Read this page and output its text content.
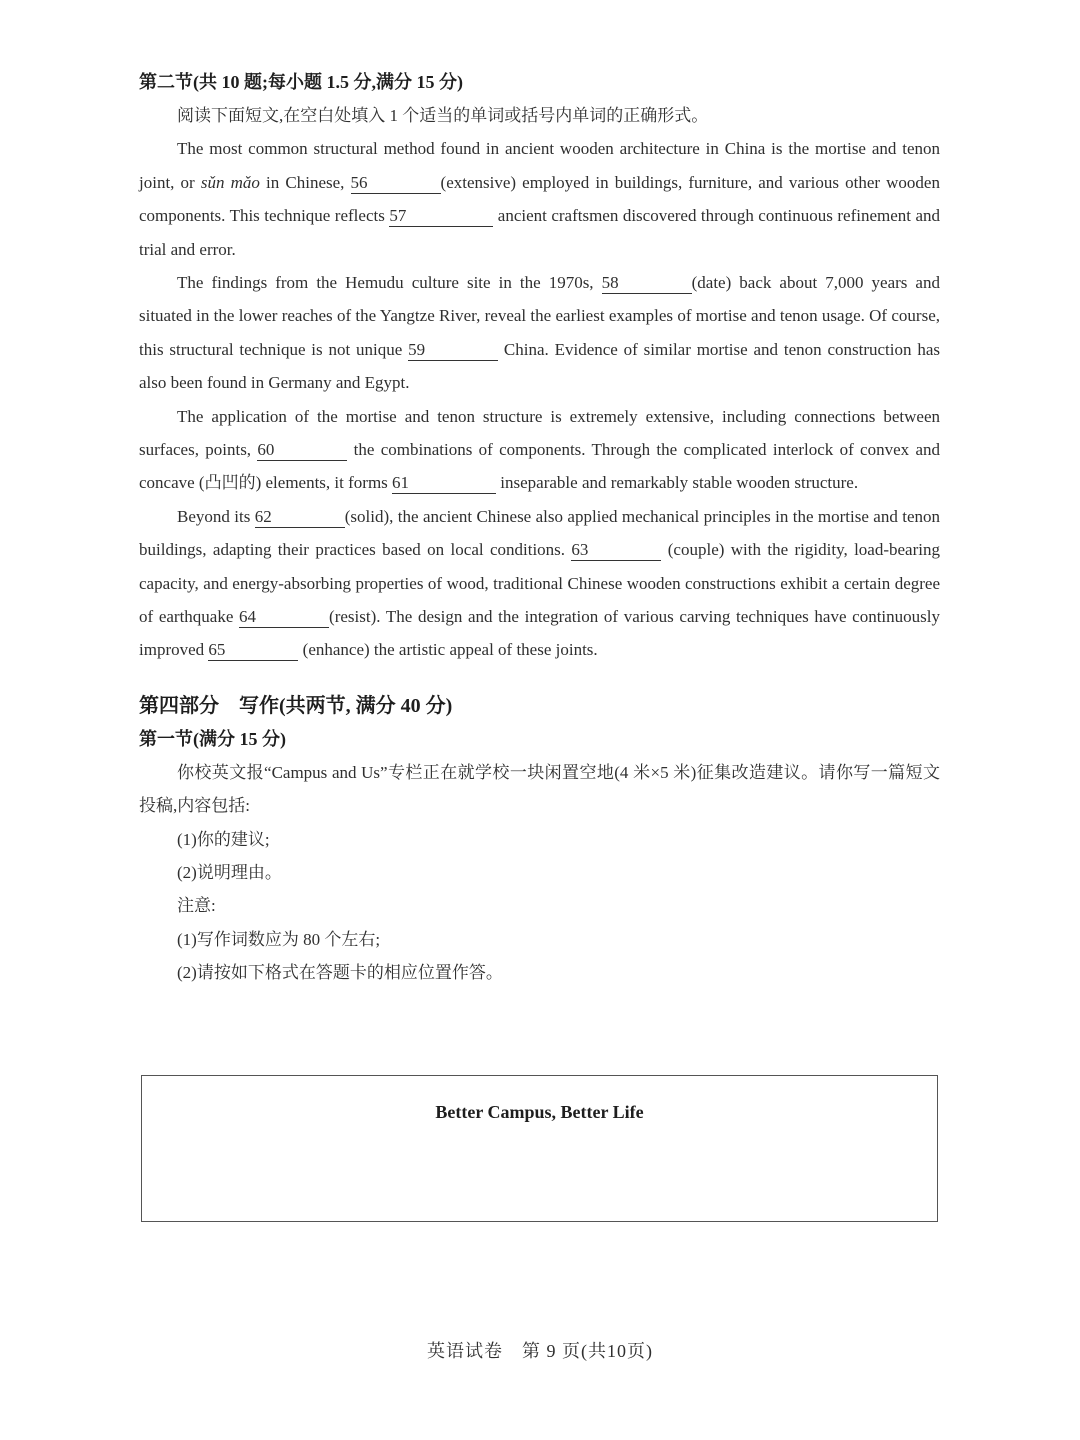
第二节(共 10 题;每小题 1.5 分,满分 15 分)
阅读下面短文,在空白处填入 1 个适当的单词或括号内单词的正确形式。

The most common structural method found in ancient wooden architecture in China is the mortise and tenon joint, or sǔn mǎo in Chinese, 56	(extensive) employed in buildings, furniture, and various other wooden components. This technique reflects 57	ancient craftsmen discovered through continuous refinement and trial and error.

The findings from the Hemudu culture site in the 1970s, 58	(date) back about 7,000 years and situated in the lower reaches of the Yangtze River, reveal the earliest examples of mortise and tenon usage. Of course, this structural technique is not unique 59	China. Evidence of similar mortise and tenon construction has also been found in Germany and Egypt.

The application of the mortise and tenon structure is extremely extensive, including connections between surfaces, points, 60	the combinations of components. Through the complicated interlock of convex and concave (凸凹的) elements, it forms 61	inseparable and remarkably stable wooden structure.

Beyond its 62	(solid), the ancient Chinese also applied mechanical principles in the mortise and tenon buildings, adapting their practices based on local conditions. 63	(couple) with the rigidity, load-bearing capacity, and energy-absorbing properties of wood, traditional Chinese wooden constructions exhibit a certain degree of earthquake 64	(resist). The design and the integration of various carving techniques have continuously improved 65	(enhance) the artistic appeal of these joints.

第四部分　写作(共两节, 满分 40 分)
第一节(满分 15 分)

你校英文报“Campus and Us”专栏正在就学校一块闲置空地(4 米×5 米)征集改造建议。请你写一篇短文投稿,内容包括:

(1)你的建议;
(2)说明理由。
注意:
(1)写作词数应为 80 个左右;
(2)请按如下格式在答题卡的相应位置作答。
Better Campus, Better Life
英语试卷　第 9 页(共10页)
